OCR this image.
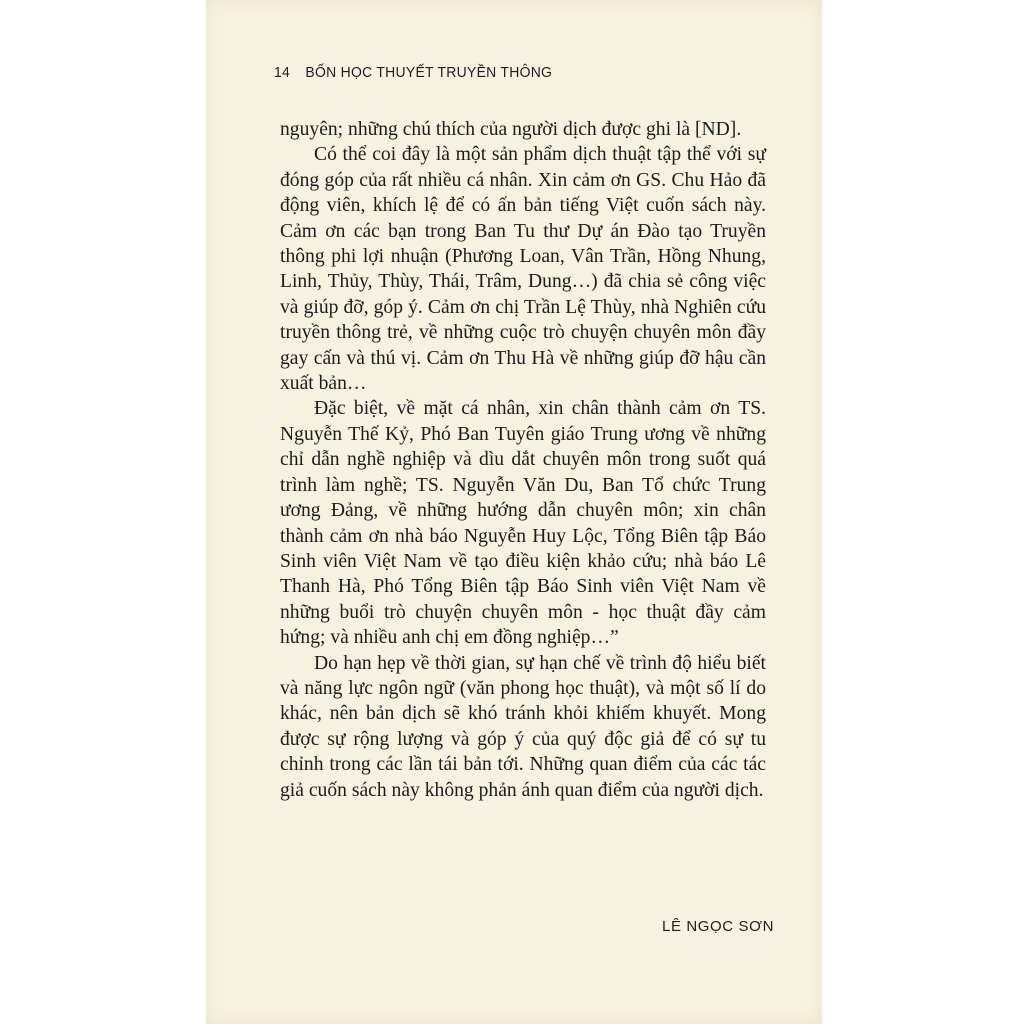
14 BỐN HỌC THUYẾT TRUYỀN THÔNG

nguyên; những chú thích của người dịch được ghi là [ND].

Có thể coi đây là một sản phẩm dịch thuật tập thể với sự đóng góp của rất nhiều cá nhân. Xin cảm ơn GS. Chu Hảo đã động viên, khích lệ để có ấn bản tiếng Việt cuốn sách này. Cảm ơn các bạn trong Ban Tu thư Dự án Đào tạo Truyền thông phi lợi nhuận (Phương Loan, Vân Trần, Hồng Nhung, Linh, Thủy, Thùy, Thái, Trâm, Dung…) đã chia sẻ công việc và giúp đỡ, góp ý. Cảm ơn chị Trần Lệ Thùy, nhà Nghiên cứu truyền thông trẻ, về những cuộc trò chuyện chuyên môn đầy gay cấn và thú vị. Cảm ơn Thu Hà về những giúp đỡ hậu cần xuất bản…

Đặc biệt, về mặt cá nhân, xin chân thành cảm ơn TS. Nguyễn Thế Kỷ, Phó Ban Tuyên giáo Trung ương về những chỉ dẫn nghề nghiệp và dìu dắt chuyên môn trong suốt quá trình làm nghề; TS. Nguyễn Văn Du, Ban Tổ chức Trung ương Đảng, về những hướng dẫn chuyên môn; xin chân thành cảm ơn nhà báo Nguyễn Huy Lộc, Tổng Biên tập Báo Sinh viên Việt Nam về tạo điều kiện khảo cứu; nhà báo Lê Thanh Hà, Phó Tổng Biên tập Báo Sinh viên Việt Nam về những buổi trò chuyện chuyên môn - học thuật đầy cảm hứng; và nhiều anh chị em đồng nghiệp…”

Do hạn hẹp về thời gian, sự hạn chế về trình độ hiểu biết và năng lực ngôn ngữ (văn phong học thuật), và một số lí do khác, nên bản dịch sẽ khó tránh khỏi khiếm khuyết. Mong được sự rộng lượng và góp ý của quý độc giả để có sự tu chỉnh trong các lần tái bản tới. Những quan điểm của các tác giả cuốn sách này không phản ánh quan điểm của người dịch.

LÊ NGỌC SƠN
